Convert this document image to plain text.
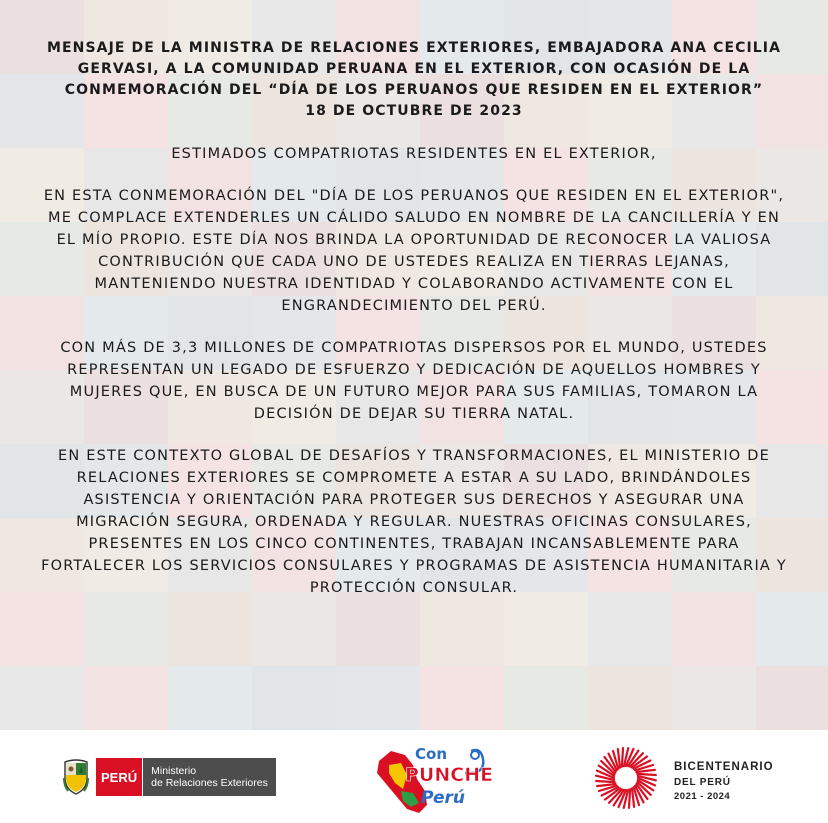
MENSAJE DE LA MINISTRA DE RELACIONES EXTERIORES, EMBAJADORA ANA CECILIA GERVASI, A LA COMUNIDAD PERUANA EN EL EXTERIOR, CON OCASIÓN DE LA CONMEMORACIÓN DEL “DÍA DE LOS PERUANOS QUE RESIDEN EN EL EXTERIOR”

18 DE OCTUBRE DE 2023

ESTIMADOS COMPATRIOTAS RESIDENTES EN EL EXTERIOR,

EN ESTA CONMEMORACIÓN DEL "DÍA DE LOS PERUANOS QUE RESIDEN EN EL EXTERIOR", ME COMPLACE EXTENDERLES UN CÁLIDO SALUDO EN NOMBRE DE LA CANCILLERÍA Y EN EL MÍO PROPIO. ESTE DÍA NOS BRINDA LA OPORTUNIDAD DE RECONOCER LA VALIOSA CONTRIBUCIÓN QUE CADA UNO DE USTEDES REALIZA EN TIERRAS LEJANAS, MANTENIENDO NUESTRA IDENTIDAD Y COLABORANDO ACTIVAMENTE CON EL ENGRANDECIMIENTO DEL PERÚ.

CON MÁS DE 3,3 MILLONES DE COMPATRIOTAS DISPERSOS POR EL MUNDO, USTEDES REPRESENTAN UN LEGADO DE ESFUERZO Y DEDICACIÓN DE AQUELLOS HOMBRES Y MUJERES QUE, EN BUSCA DE UN FUTURO MEJOR PARA SUS FAMILIAS, TOMARON LA DECISIÓN DE DEJAR SU TIERRA NATAL.

EN ESTE CONTEXTO GLOBAL DE DESAFÍOS Y TRANSFORMACIONES, EL MINISTERIO DE RELACIONES EXTERIORES SE COMPROMETE A ESTAR A SU LADO, BRINDÁNDOLES ASISTENCIA Y ORIENTACIÓN PARA PROTEGER SUS DERECHOS Y ASEGURAR UNA MIGRACIÓN SEGURA, ORDENADA Y REGULAR. NUESTRAS OFICINAS CONSULARES, PRESENTES EN LOS CINCO CONTINENTES, TRABAJAN INCANSABLEMENTE PARA FORTALECER LOS SERVICIOS CONSULARES Y PROGRAMAS DE ASISTENCIA HUMANITARIA Y PROTECCIÓN CONSULAR.

PERÚ	Ministerio
de Relaciones Exteriores
Con
PUNCHE
Perú
BICENTENARIO
DEL PERÚ
2021 - 2024
